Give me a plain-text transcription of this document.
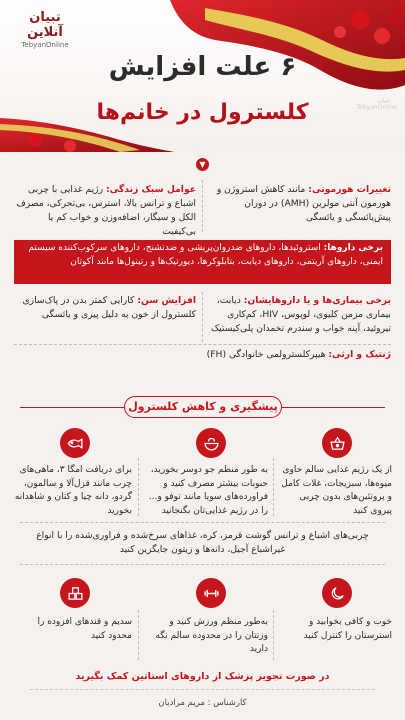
تبیان آنلاین
TebyanOnline
تبیان
TebyanOnline
۶ علت افزایش
کلسترول در خانم‌ها
▼
تغییرات هورمونی: مانند کاهش استروژن و هورمون آنتی مولرین (AMH) در دوران پیش‌یائسگی و یائسگی
عوامل سبک زندگی: رژیم غذایی با چربی اشباع و ترانس بالا، استرس، بی‌تحرکی، مصرف الکل و سیگار، اضافه‌وزن و خواب کم یا بی‌کیفیت
برخی داروها: استروئیدها، داروهای ضدروان‌پریشی و ضدتشنج، داروهای سرکوب‌کننده سیستم ایمنی، داروهای آریتمی، داروهای دیابت، بتابلوکرها، دیورتیک‌ها و رتینول‌ها مانند آکوتان
برخی بیماری‌ها و یا داروهایشان: دیابت، بیماری مزمن کلیوی، لوپوس، HIV، کم‌کاری تیروئید، آپنه خواب و سندرم تخمدان پلی‌کیستیک
افزایش سن: کارایی کمتر بدن در پاک‌سازی کلسترول از خون به دلیل پیری و یائسگی
ژنتیک و ارثی: هیپرکلسترولمی خانوادگی (FH)
پیشگیری و کاهش کلسترول
از یک رژیم غذایی سالم حاوی میوه‌ها، سبزیجات، غلات کامل و پروتئین‌های بدون چربی پیروی کنید
به طور منظم جو دوسر بخورید، حبوبات بیشتر مصرف کنید و فراورده‌های سویا مانند توفو و... را در رژیم غذایی‌تان بگنجانید
برای دریافت امگا ۳، ماهی‌های چرب مانند قزل‌آلا و سالمون، گردو، دانه چیا و کتان و شاهدانه بخورید
چربی‌های اشباع و ترانس گوشت قرمز، کره، غذاهای سرخ‌شده و فراوری‌شده را با انواع غیراشباع آجیل، دانه‌ها و زیتون جایگزین کنید
خوب و کافی بخوابید و استرستان را کنترل کنید
به‌طور منظم ورزش کنید و وزنتان را در محدوده سالم نگه دارید
سدیم و قندهای افزوده را محدود کنید
در صورت تجویز پزشک از داروهای استاتین کمک بگیرید
کارشناس : مریم مرادیان
